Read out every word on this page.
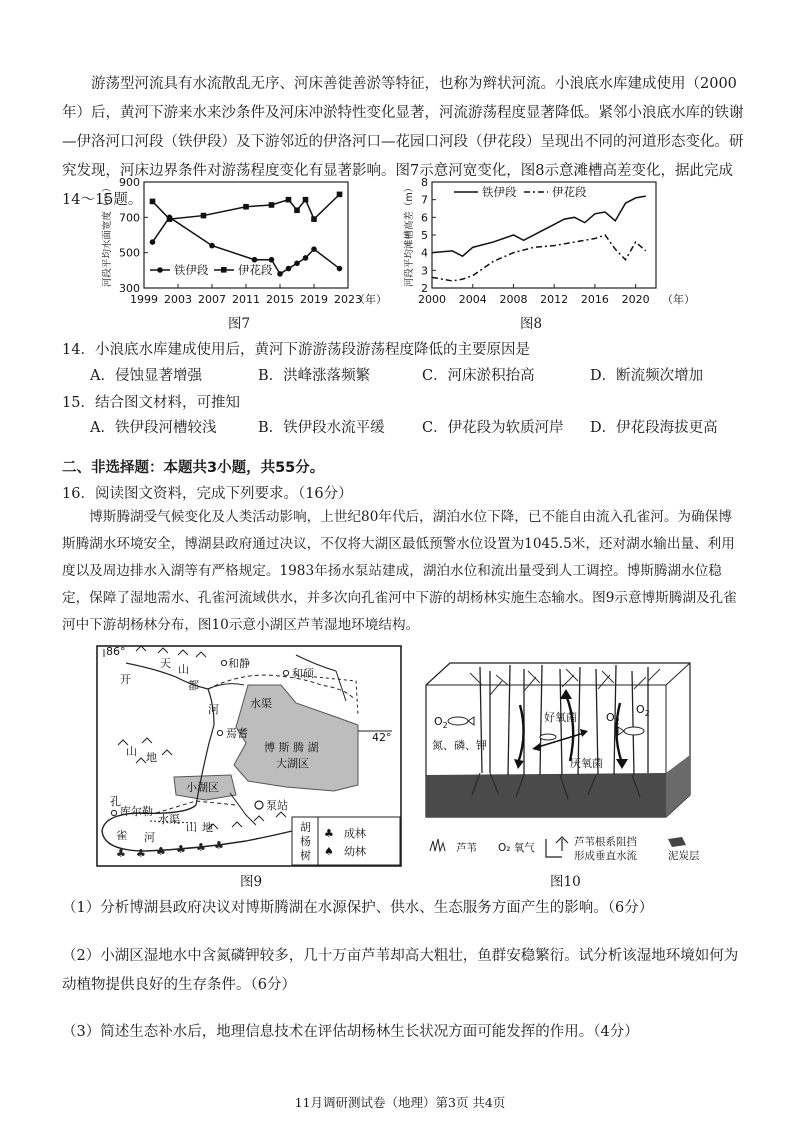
游荡型河流具有水流散乱无序、河床善徙善淤等特征，也称为辫状河流。小浪底水库建成使用（2000年）后，黄河下游来水来沙条件及河床冲淤特性变化显著，河流游荡程度显著降低。紧邻小浪底水库的铁谢—伊洛河口河段（铁伊段）及下游邻近的伊洛河口—花园口河段（伊花段）呈现出不同的河道形态变化。研究发现，河床边界条件对游荡程度变化有显著影响。图7示意河宽变化，图8示意滩槽高差变化，据此完成14～15题。
900
700
500
300
1999 2003 2007 2011 2015 2019 2023
（年）
河段平均水面宽度（m）	铁伊段	伊花段
图7
8
7
6
5
4
3
2
2000 2004 2008 2012 2016 2020 （年）
河段平均滩槽高差（m）	铁伊段	伊花段
图8
14．小浪底水库建成使用后，黄河下游游荡段游荡程度降低的主要原因是
A．侵蚀显著增强	B．洪峰涨落频繁	C．河床淤积抬高	D．断流频次增加
15．结合图文材料，可推知
A．铁伊段河槽较浅	B．铁伊段水流平缓	C．伊花段为软质河岸 D．伊花段海拔更高
二、非选择题：本题共3小题，共55分。
16．阅读图文资料，完成下列要求。（16分）
博斯腾湖受气候变化及人类活动影响，上世纪80年代后，湖泊水位下降，已不能自由流入孔雀河。为确保博斯腾湖水环境安全，博湖县政府通过决议，不仅将大湖区最低预警水位设置为1045.5米，还对湖水输出量、利用度以及周边排水入湖等有严格规定。1983年扬水泵站建成，湖泊水位和流出量受到人工调控。博斯腾湖水位稳定，保障了湿地需水、孔雀河流域供水，并多次向孔雀河中下游的胡杨林实施生态输水。图9示意博斯腾湖及孔雀河中下游胡杨林分布，图10示意小湖区芦苇湿地环境结构。
♣ ♣ ♣ ♣ ♣ ♣
86°
42°
天 山
开	都
河
和静
和硕
焉耆
水渠
山 地
博 斯 腾 湖
大湖区
小湖区
泵站
孔
库尔勒
水渠
雀 河
山 地	胡
杨
树
♣
♠
成林
幼林
图9
好氧菌
厌氧菌
$O_2$
$O_2$
$O_2$
氮、磷、钾
芦苇 O₂ 氧气	芦苇根系阻挡
形成垂直水流	泥炭层
图10
（1）分析博湖县政府决议对博斯腾湖在水源保护、供水、生态服务方面产生的影响。（6分）
（2）小湖区湿地水中含氮磷钾较多，几十万亩芦苇却高大粗壮，鱼群安稳繁衍。试分析该湿地环境如何为动植物提供良好的生存条件。（6分）
（3）简述生态补水后，地理信息技术在评估胡杨林生长状况方面可能发挥的作用。（4分）
11月调研测试卷（地理）第3页 共4页
